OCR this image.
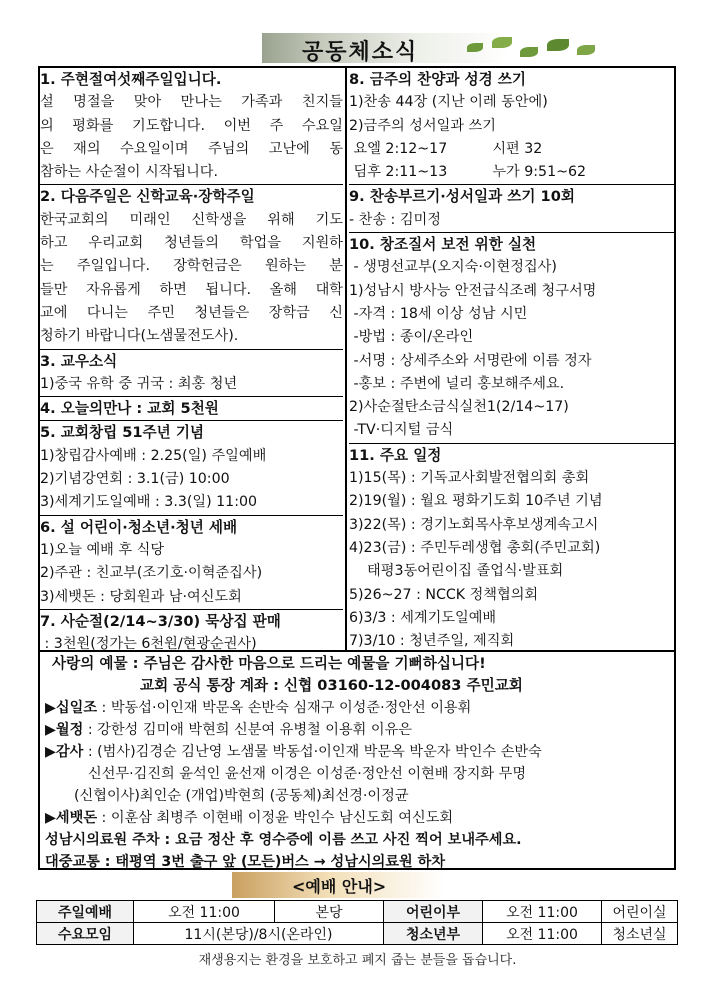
공동체소식
1. 주현절여섯째주일입니다.
설 명절을 맞아 만나는 가족과 친지들
의 평화를 기도합니다. 이번 주 수요일
은 재의 수요일이며 주님의 고난에 동
참하는 사순절이 시작됩니다.
2. 다음주일은 신학교육·장학주일
한국교회의 미래인 신학생을 위해 기도
하고 우리교회 청년들의 학업을 지원하
는 주일입니다. 장학헌금은 원하는 분
들만 자유롭게 하면 됩니다. 올해 대학
교에 다니는 주민 청년들은 장학금 신
청하기 바랍니다(노샘물전도사).
3. 교우소식
1)중국 유학 중 귀국 : 최홍 청년
4. 오늘의만나 : 교회 5천원
5. 교회창립 51주년 기념
1)창립감사예배 : 2.25(일) 주일예배
2)기념강연회 : 3.1(금) 10:00
3)세계기도일예배 : 3.3(일) 11:00
6. 설 어린이·청소년·청년 세배
1)오늘 예배 후 식당
2)주관 : 친교부(조기호·이혁준집사)
3)세뱃돈 : 당회원과 남·여신도회
7. 사순절(2/14~3/30) 묵상집 판매
: 3천원(정가는 6천원/현광순권사)
8. 금주의 찬양과 성경 쓰기
1)찬송 44장 (지난 이레 동안에)
2)금주의 성서일과 쓰기
요엘 2:12~17          시편 32
딤후 2:11~13          누가 9:51~62
9. 찬송부르기·성서일과 쓰기 10회
- 찬송 : 김미정
10. 창조질서 보전 위한 실천
- 생명선교부(오지숙·이현정집사)
1)성남시 방사능 안전급식조례 청구서명
-자격 : 18세 이상 성남 시민
-방법 : 종이/온라인
-서명 : 상세주소와 서명란에 이름 정자
-홍보 : 주변에 널리 홍보해주세요.
2)사순절탄소금식실천1(2/14~17)
-TV·디지털 금식
11. 주요 일정
1)15(목) : 기독교사회발전협의회 총회
2)19(월) : 월요 평화기도회 10주년 기념
3)22(목) : 경기노회목사후보생계속고시
4)23(금) : 주민두레생협 총회(주민교회)
태평3동어린이집 졸업식·발표회
5)26~27 : NCCK 정책협의회
6)3/3 : 세계기도일예배
7)3/10 : 청년주일, 제직회
사랑의 예물 : 주님은 감사한 마음으로 드리는 예물을 기뻐하십니다!
교회 공식 통장 계좌 : 신협 03160-12-004083 주민교회
▶십일조 : 박동섭·이인재 박문옥 손반숙 심재구 이성준·정안선 이용휘
▶월정 : 강한성 김미애 박현희 신분여 유병철 이용휘 이유은
▶감사 : (범사)김경순 김난영 노샘물 박동섭·이인재 박문옥 박운자 박인수 손반숙
신선무·김진희 윤석인 윤선재 이경은 이성준·정안선 이현배 장지화 무명
(신협이사)최인순 (개업)박현희 (공동체)최선경·이정균
▶세뱃돈 : 이훈삼 최병주 이현배 이정윤 박인수 남신도회 여신도회
성남시의료원 주차 : 요금 정산 후 영수증에 이름 쓰고 사진 찍어 보내주세요.
대중교통 : 태평역 3번 출구 앞 (모든)버스 → 성남시의료원 하차
<예배 안내>
주일예배	오전 11:00	본당	어린이부	오전 11:00	어린이실
수요모임	11시(본당)/8시(온라인)		청소년부	오전 11:00	청소년실
재생용지는 환경을 보호하고 폐지 줍는 분들을 돕습니다.
